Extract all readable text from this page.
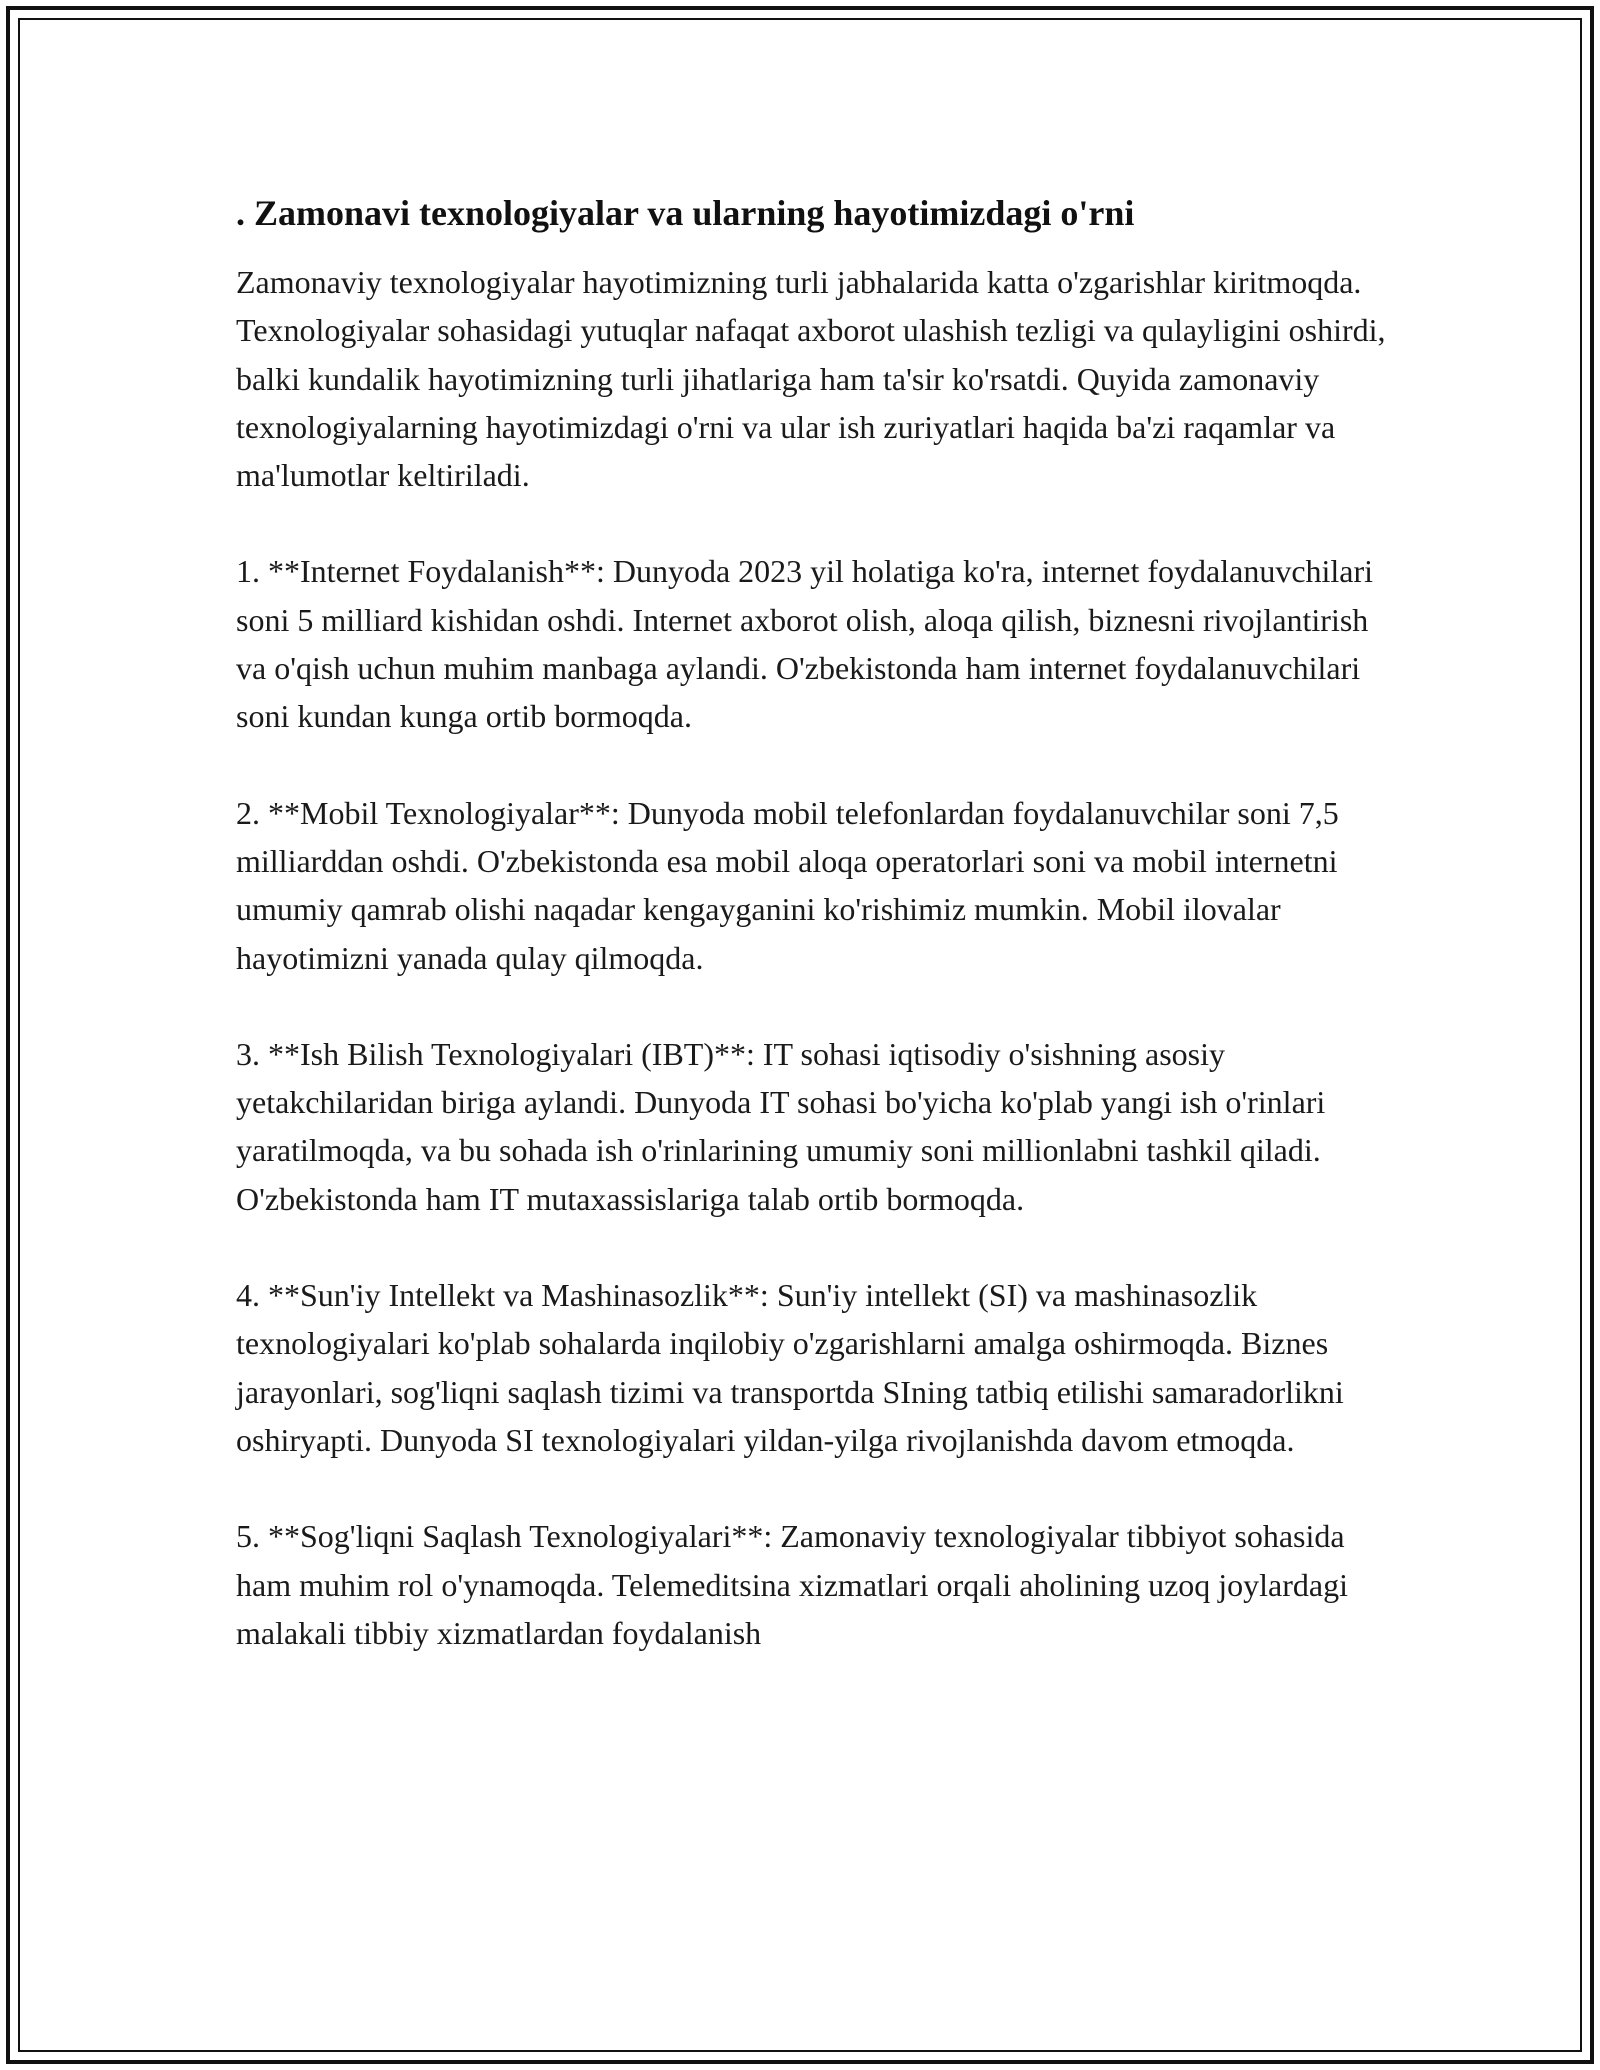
. Zamonavi texnologiyalar va ularning hayotimizdagi o'rni

Zamonaviy texnologiyalar hayotimizning turli jabhalarida katta o'zgarishlar kiritmoqda. Texnologiyalar sohasidagi yutuqlar nafaqat axborot ulashish tezligi va qulayligini oshirdi, balki kundalik hayotimizning turli jihatlariga ham ta'sir ko'rsatdi. Quyida zamonaviy texnologiyalarning hayotimizdagi o'rni va ular ish zuriyatlari haqida ba'zi raqamlar va ma'lumotlar keltiriladi.

1. **Internet Foydalanish**: Dunyoda 2023 yil holatiga ko'ra, internet foydalanuvchilari soni 5 milliard kishidan oshdi. Internet axborot olish, aloqa qilish, biznesni rivojlantirish va o'qish uchun muhim manbaga aylandi. O'zbekistonda ham internet foydalanuvchilari soni kundan kunga ortib bormoqda.

2. **Mobil Texnologiyalar**: Dunyoda mobil telefonlardan foydalanuvchilar soni 7,5 milliarddan oshdi. O'zbekistonda esa mobil aloqa operatorlari soni va mobil internetni umumiy qamrab olishi naqadar kengayganini ko'rishimiz mumkin. Mobil ilovalar hayotimizni yanada qulay qilmoqda.

3. **Ish Bilish Texnologiyalari (IBT)**: IT sohasi iqtisodiy o'sishning asosiy yetakchilaridan biriga aylandi. Dunyoda IT sohasi bo'yicha ko'plab yangi ish o'rinlari yaratilmoqda, va bu sohada ish o'rinlarining umumiy soni millionlabni tashkil qiladi. O'zbekistonda ham IT mutaxassislariga talab ortib bormoqda.

4. **Sun'iy Intellekt va Mashinasozlik**: Sun'iy intellekt (SI) va mashinasozlik texnologiyalari ko'plab sohalarda inqilobiy o'zgarishlarni amalga oshirmoqda. Biznes jarayonlari, sog'liqni saqlash tizimi va transportda SIning tatbiq etilishi samaradorlikni oshiryapti. Dunyoda SI texnologiyalari yildan-yilga rivojlanishda davom etmoqda.

5. **Sog'liqni Saqlash Texnologiyalari**: Zamonaviy texnologiyalar tibbiyot sohasida ham muhim rol o'ynamoqda. Telemeditsina xizmatlari orqali aholining uzoq joylardagi malakali tibbiy xizmatlardan foydalanish
